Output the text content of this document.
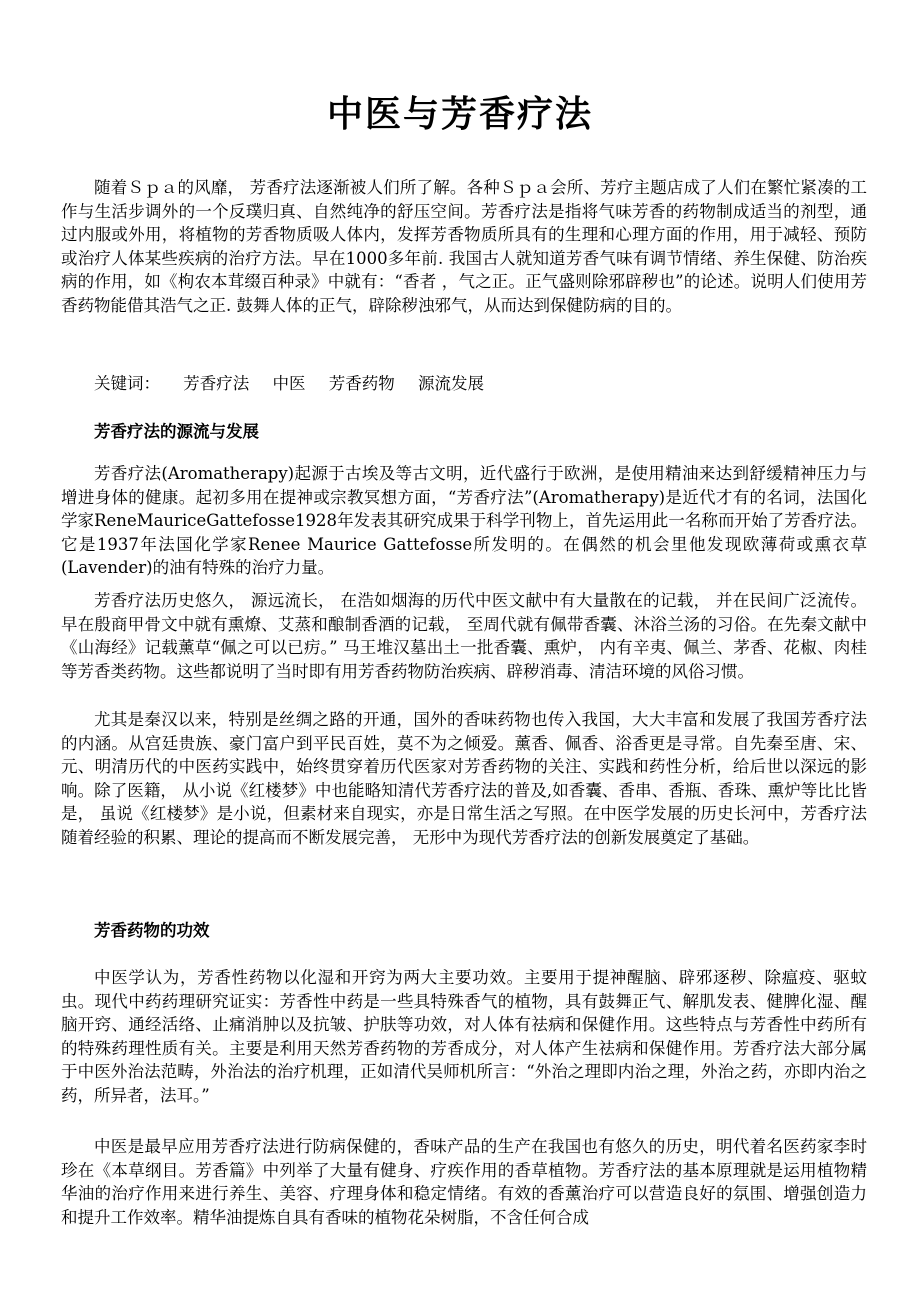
中医与芳香疗法

随着Ｓｐａ的风靡， 芳香疗法逐渐被人们所了解。各种Ｓｐａ会所、芳疗主题店成了人们在繁忙紧凑的工作与生活步调外的一个反璞归真、自然纯净的舒压空间。芳香疗法是指将气味芳香的药物制成适当的剂型，通过内服或外用，将植物的芳香物质吸人体内，发挥芳香物质所具有的生理和心理方面的作用，用于减轻、预防或治疗人体某些疾病的治疗方法。早在1000多年前. 我国古人就知道芳香气味有调节情绪、养生保健、防治疾病的作用，如《枸农本茸缀百种录》中就有：“香者 ，气之正。正气盛则除邪辟秽也”的论述。说明人们使用芳香药物能借其浩气之正. 鼓舞人体的正气，辟除秽浊邪气，从而达到保健防病的目的。

关键词： 芳香疗法 中医 芳香药物 源流发展
芳香疗法的源流与发展

芳香疗法(Aromatherapy)起源于古埃及等古文明，近代盛行于欧洲，是使用精油来达到舒缓精神压力与增进身体的健康。起初多用在提神或宗教冥想方面，“芳香疗法”(Aromatherapy)是近代才有的名词，法国化学家ReneMauriceGattefosse1928年发表其研究成果于科学刊物上，首先运用此一名称而开始了芳香疗法。它是1937年法国化学家Renee Maurice Gattefosse所发明的。在偶然的机会里他发现欧薄荷或熏衣草(Lavender)的油有特殊的治疗力量。

芳香疗法历史悠久， 源远流长， 在浩如烟海的历代中医文献中有大量散在的记载， 并在民间广泛流传。早在殷商甲骨文中就有熏燎、艾蒸和酿制香酒的记载， 至周代就有佩带香囊、沐浴兰汤的习俗。在先秦文献中《山海经》记载薰草“佩之可以已疠。” 马王堆汉墓出土一批香囊、熏炉， 内有辛夷、佩兰、茅香、花椒、肉桂等芳香类药物。这些都说明了当时即有用芳香药物防治疾病、辟秽消毒、清洁环境的风俗习惯。

尤其是秦汉以来，特别是丝绸之路的开通，国外的香味药物也传入我国，大大丰富和发展了我国芳香疗法的内涵。从宫廷贵族、豪门富户到平民百姓，莫不为之倾爱。薰香、佩香、浴香更是寻常。自先秦至唐、宋、元、明清历代的中医药实践中，始终贯穿着历代医家对芳香药物的关注、实践和药性分析，给后世以深远的影响。除了医籍， 从小说《红楼梦》中也能略知清代芳香疗法的普及,如香囊、香串、香瓶、香珠、熏炉等比比皆是， 虽说《红楼梦》是小说，但素材来自现实，亦是日常生活之写照。在中医学发展的历史长河中，芳香疗法随着经验的积累、理论的提高而不断发展完善， 无形中为现代芳香疗法的创新发展奠定了基础。

芳香药物的功效

中医学认为，芳香性药物以化湿和开窍为两大主要功效。主要用于提神醒脑、辟邪逐秽、除瘟疫、驱蚊虫。现代中药药理研究证实：芳香性中药是一些具特殊香气的植物，具有鼓舞正气、解肌发表、健脾化湿、醒脑开窍、通经活络、止痛消肿以及抗皱、护肤等功效，对人体有祛病和保健作用。这些特点与芳香性中药所有的特殊药理性质有关。主要是利用天然芳香药物的芳香成分，对人体产生祛病和保健作用。芳香疗法大部分属于中医外治法范畴，外治法的治疗机理，正如清代吴师机所言：“外治之理即内治之理，外治之药，亦即内治之药，所异者，法耳。”

中医是最早应用芳香疗法进行防病保健的，香味产品的生产在我国也有悠久的历史，明代着名医药家李时珍在《本草纲目。芳香篇》中列举了大量有健身、疗疾作用的香草植物。芳香疗法的基本原理就是运用植物精华油的治疗作用来进行养生、美容、疗理身体和稳定情绪。有效的香薰治疗可以营造良好的氛围、增强创造力和提升工作效率。精华油提炼自具有香味的植物花朵树脂，不含任何合成
